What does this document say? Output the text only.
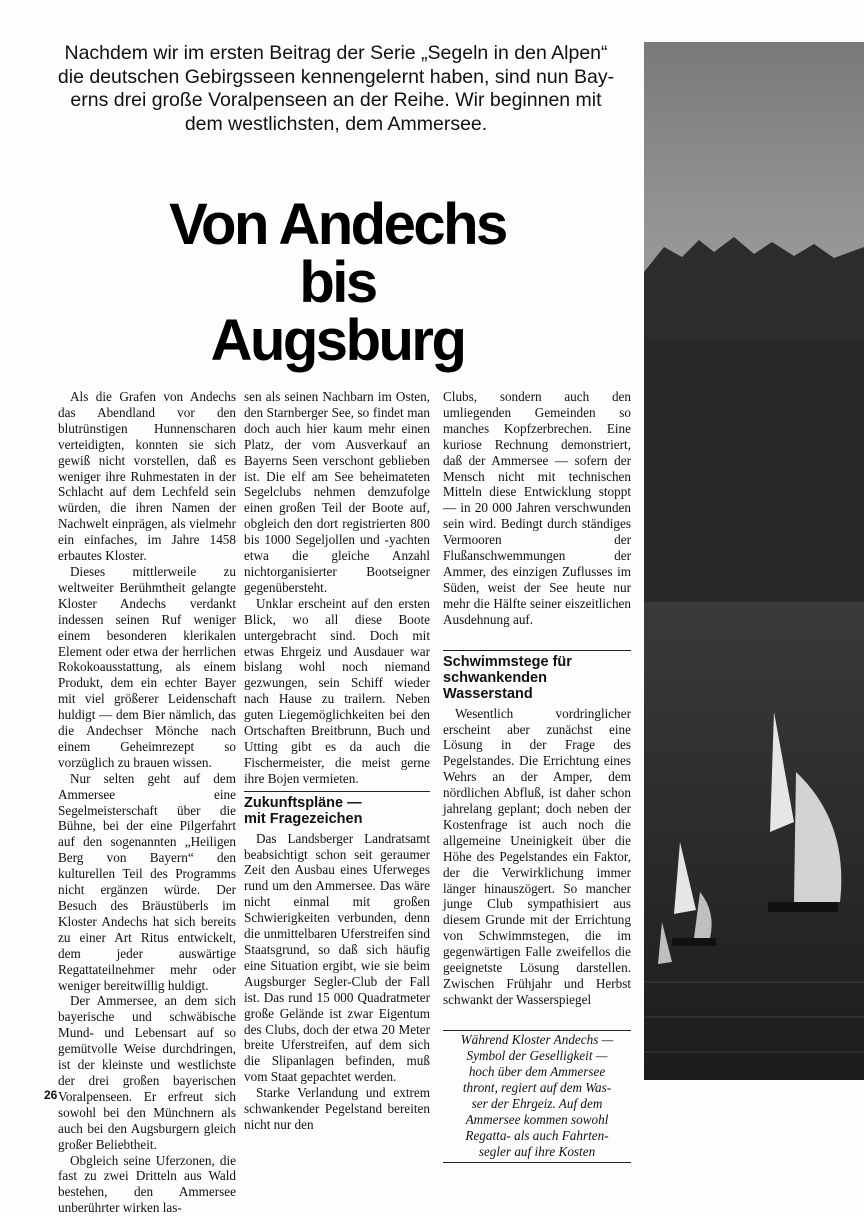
Nachdem wir im ersten Beitrag der Serie „Segeln in den Alpen“
die deutschen Gebirgsseen kennengelernt haben, sind nun Bay-
erns drei große Voralpenseen an der Reihe. Wir beginnen mit
dem westlichsten, dem Ammersee.
Von Andechs
bis
Augsburg

Als die Grafen von Andechs das Abendland vor den blutrünstigen Hunnenscharen verteidigten, konnten sie sich gewiß nicht vorstellen, daß es weniger ihre Ruhmestaten in der Schlacht auf dem Lechfeld sein würden, die ihren Namen der Nachwelt einprägen, als vielmehr ein einfaches, im Jahre 1458 erbautes Kloster.

Dieses mittlerweile zu weltweiter Berühmtheit gelangte Kloster Andechs verdankt indessen seinen Ruf weniger einem besonderen klerikalen Element oder etwa der herrlichen Rokokoausstattung, als einem Produkt, dem ein echter Bayer mit viel größerer Leidenschaft huldigt — dem Bier nämlich, das die Andechser Mönche nach einem Geheimrezept so vorzüglich zu brauen wissen.

Nur selten geht auf dem Ammersee eine Segelmeisterschaft über die Bühne, bei der eine Pilgerfahrt auf den sogenannten „Heiligen Berg von Bayern“ den kulturellen Teil des Programms nicht ergänzen würde. Der Besuch des Bräustüberls im Kloster Andechs hat sich bereits zu einer Art Ritus entwickelt, dem jeder auswärtige Regattateilnehmer mehr oder weniger bereitwillig huldigt.

Der Ammersee, an dem sich bayerische und schwäbische Mund- und Lebensart auf so gemütvolle Weise durchdringen, ist der kleinste und westlichste der drei großen bayerischen Voralpenseen. Er erfreut sich sowohl bei den Münchnern als auch bei den Augsburgern gleich großer Beliebtheit.

Obgleich seine Uferzonen, die fast zu zwei Dritteln aus Wald bestehen, den Ammersee unberührter wirken las-

sen als seinen Nachbarn im Osten, den Starnberger See, so findet man doch auch hier kaum mehr einen Platz, der vom Ausverkauf an Bayerns Seen verschont geblieben ist. Die elf am See beheimateten Segelclubs nehmen demzufolge einen großen Teil der Boote auf, obgleich den dort registrierten 800 bis 1000 Segeljollen und -yachten etwa die gleiche Anzahl nichtorganisierter Bootseigner gegenübersteht.

Unklar erscheint auf den ersten Blick, wo all diese Boote untergebracht sind. Doch mit etwas Ehrgeiz und Ausdauer war bislang wohl noch niemand gezwungen, sein Schiff wieder nach Hause zu trailern. Neben guten Liegemöglichkeiten bei den Ortschaften Breitbrunn, Buch und Utting gibt es da auch die Fischermeister, die meist gerne ihre Bojen vermieten.

Zukunftspläne —
mit Fragezeichen

Das Landsberger Landratsamt beabsichtigt schon seit geraumer Zeit den Ausbau eines Uferweges rund um den Ammersee. Das wäre nicht einmal mit großen Schwierigkeiten verbunden, denn die unmittelbaren Uferstreifen sind Staatsgrund, so daß sich häufig eine Situation ergibt, wie sie beim Augsburger Segler-Club der Fall ist. Das rund 15 000 Quadratmeter große Gelände ist zwar Eigentum des Clubs, doch der etwa 20 Meter breite Uferstreifen, auf dem sich die Slipanlagen befinden, muß vom Staat gepachtet werden.

Starke Verlandung und extrem schwankender Pegelstand bereiten nicht nur den

Clubs, sondern auch den umliegenden Gemeinden so manches Kopfzerbrechen. Eine kuriose Rechnung demonstriert, daß der Ammersee — sofern der Mensch nicht mit technischen Mitteln diese Entwicklung stoppt — in 20 000 Jahren verschwunden sein wird. Bedingt durch ständiges Vermooren der Flußanschwemmungen der Ammer, des einzigen Zuflusses im Süden, weist der See heute nur mehr die Hälfte seiner eiszeitlichen Ausdehnung auf.

Schwimmstege für
schwankenden
Wasserstand

Wesentlich vordringlicher erscheint aber zunächst eine Lösung in der Frage des Pegelstandes. Die Errichtung eines Wehrs an der Amper, dem nördlichen Abfluß, ist daher schon jahrelang geplant; doch neben der Kostenfrage ist auch noch die allgemeine Uneinigkeit über die Höhe des Pegelstandes ein Faktor, der die Verwirklichung immer länger hinauszögert. So mancher junge Club sympathisiert aus diesem Grunde mit der Errichtung von Schwimmstegen, die im gegenwärtigen Falle zweifellos die geeignetste Lösung darstellen. Zwischen Frühjahr und Herbst schwankt der Wasserspiegel

Während Kloster Andechs —
Symbol der Geselligkeit —
hoch über dem Ammersee
thront, regiert auf dem Was-
ser der Ehrgeiz. Auf dem
Ammersee kommen sowohl
Regatta- als auch Fahrten-
segler auf ihre Kosten
26
